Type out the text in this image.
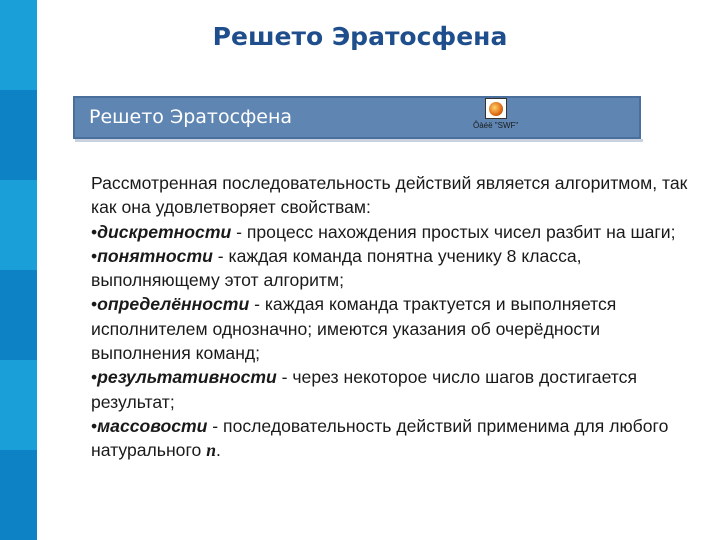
Решето Эратосфена
Решето Эратосфена	Ôàéë "SWF"

Рассмотренная последовательность действий является алгоритмом, так как она удовлетворяет свойствам:

•дискретности - процесс нахождения простых чисел разбит на шаги;

•понятности - каждая команда понятна ученику 8 класса, выполняющему этот алгоритм;

•определённости - каждая команда трактуется и выполняется исполнителем однозначно; имеются указания об очерёдности выполнения команд;

•результативности - через некоторое число шагов достигается результат;

•массовости - последовательность действий применима для любого натурального n.
